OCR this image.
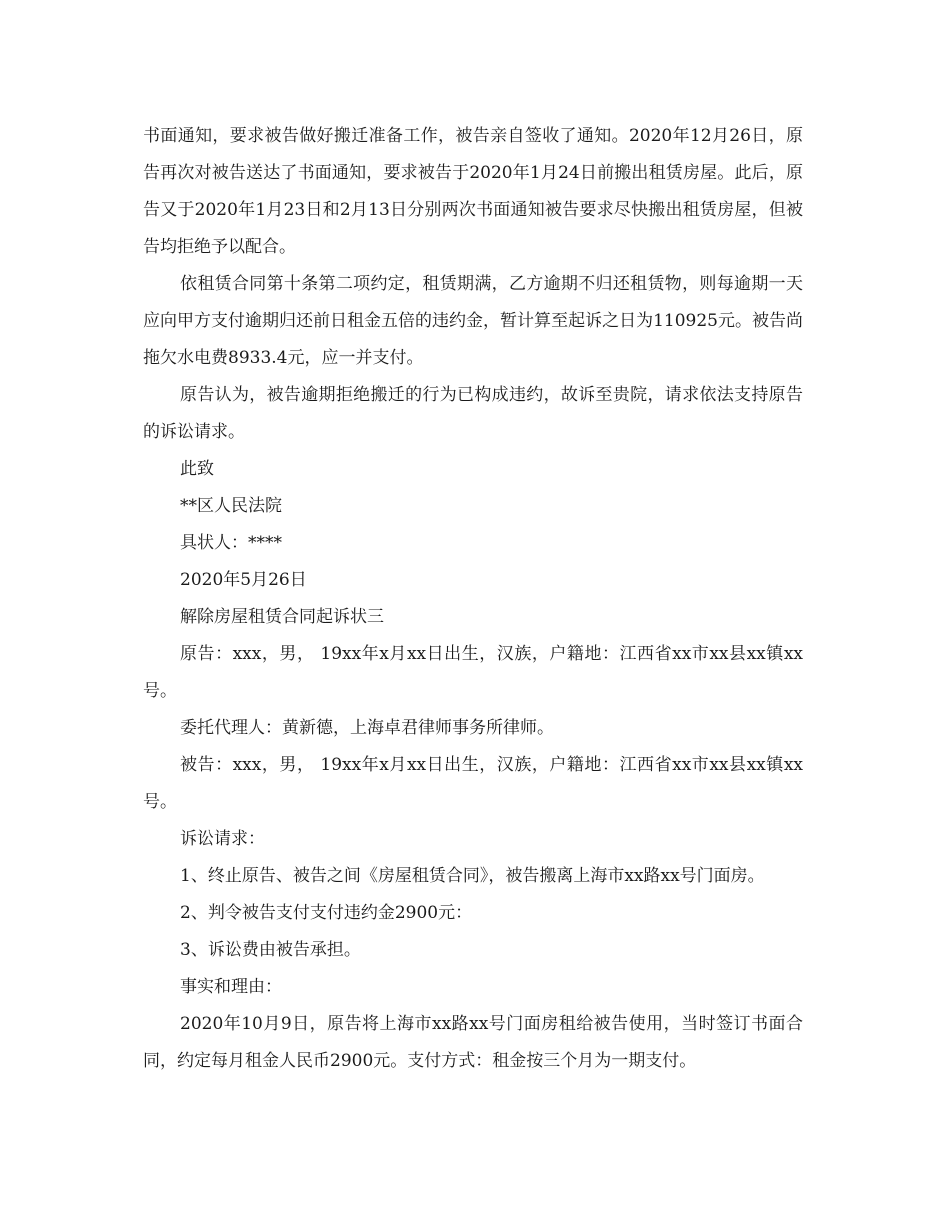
书面通知，要求被告做好搬迁准备工作，被告亲自签收了通知。2020年12月26日，原告再次对被告送达了书面通知，要求被告于2020年1月24日前搬出租赁房屋。此后，原告又于2020年1月23日和2月13日分别两次书面通知被告要求尽快搬出租赁房屋，但被告均拒绝予以配合。

依租赁合同第十条第二项约定，租赁期满，乙方逾期不归还租赁物，则每逾期一天应向甲方支付逾期归还前日租金五倍的违约金，暂计算至起诉之日为110925元。被告尚拖欠水电费8933.4元，应一并支付。

原告认为，被告逾期拒绝搬迁的行为已构成违约，故诉至贵院，请求依法支持原告的诉讼请求。

此致

**区人民法院

具状人：****

2020年5月26日

解除房屋租赁合同起诉状三

原告：xxx，男， 19xx年x月xx日出生，汉族，户籍地：江西省xx市xx县xx镇xx号。

委托代理人：黄新德，上海卓君律师事务所律师。

被告：xxx，男， 19xx年x月xx日出生，汉族，户籍地：江西省xx市xx县xx镇xx号。

诉讼请求：

1、终止原告、被告之间《房屋租赁合同》，被告搬离上海市xx路xx号门面房。

2、判令被告支付支付违约金2900元：

3、诉讼费由被告承担。

事实和理由：

2020年10月9日，原告将上海市xx路xx号门面房租给被告使用，当时签订书面合同，约定每月租金人民币2900元。支付方式：租金按三个月为一期支付。
